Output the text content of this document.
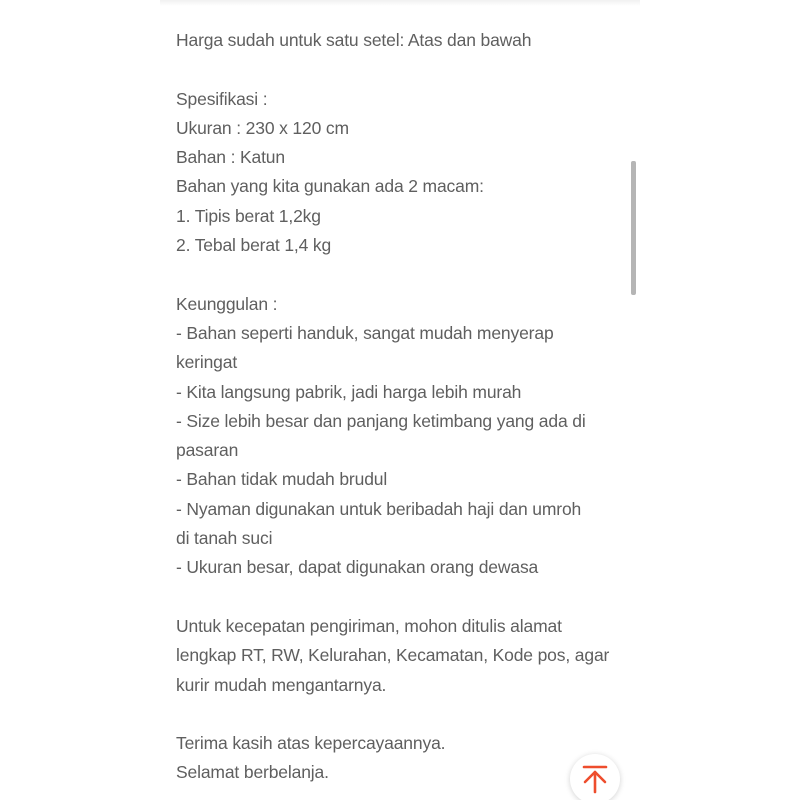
Harga sudah untuk satu setel: Atas dan bawah
Spesifikasi :
Ukuran : 230 x 120 cm
Bahan : Katun
Bahan yang kita gunakan ada 2 macam:
1. Tipis berat 1,2kg
2. Tebal berat 1,4 kg
Keunggulan :
- Bahan seperti handuk, sangat mudah menyerap
keringat
- Kita langsung pabrik, jadi harga lebih murah
- Size lebih besar dan panjang ketimbang yang ada di
pasaran
- Bahan tidak mudah brudul
- Nyaman digunakan untuk beribadah haji dan umroh
di tanah suci
- Ukuran besar, dapat digunakan orang dewasa
Untuk kecepatan pengiriman, mohon ditulis alamat
lengkap RT, RW, Kelurahan, Kecamatan, Kode pos, agar
kurir mudah mengantarnya.
Terima kasih atas kepercayaannya.
Selamat berbelanja.
